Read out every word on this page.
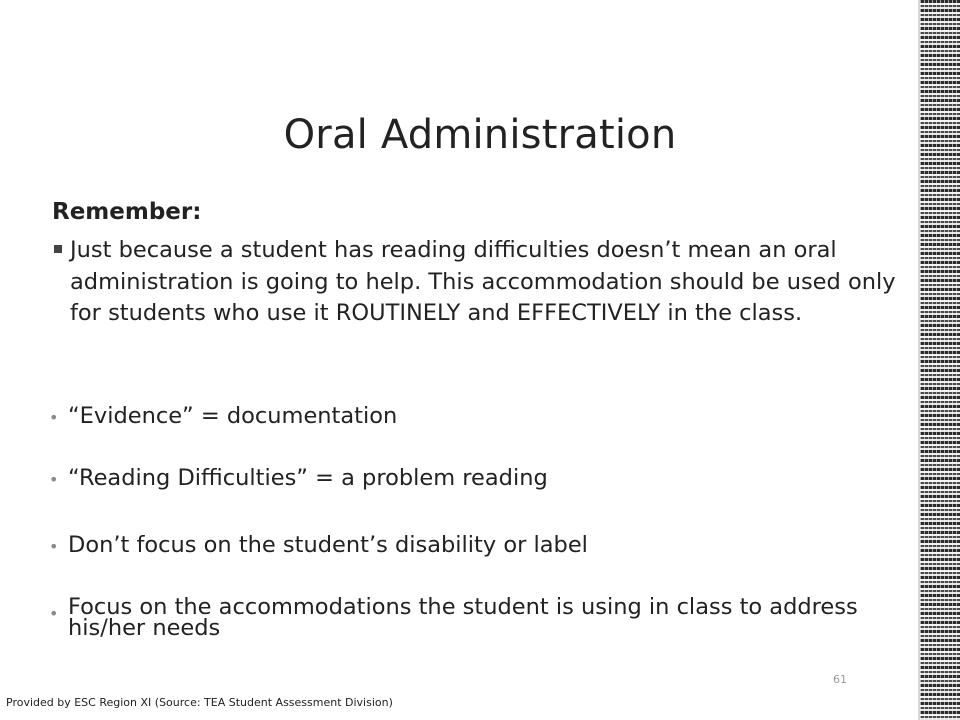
Oral Administration
Remember:
Just because a student has reading difficulties doesn’t mean an oral administration is going to help. This accommodation should be used only for students who use it ROUTINELY and EFFECTIVELY in the class.
• “Evidence” = documentation
• “Reading Difficulties” = a problem reading
• Don’t focus on the student’s disability or label
• Focus on the accommodations the student is using in class to address his/her needs
61
Provided by ESC Region XI (Source: TEA Student Assessment Division)
